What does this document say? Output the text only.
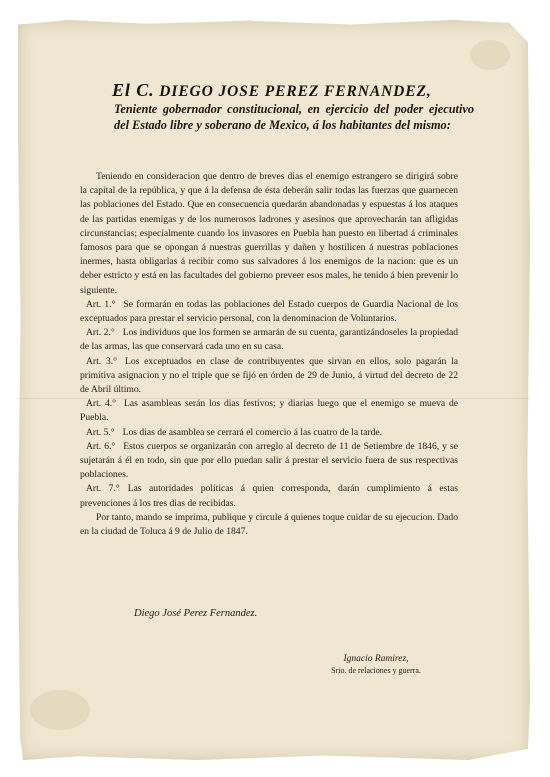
El C. DIEGO JOSE PEREZ FERNANDEZ,
Teniente gobernador constitucional, en ejercicio del poder ejecutivo del Estado libre y soberano de Mexico, á los habitantes del mismo:

Teniendo en consideracion que dentro de breves dias el enemigo estrangero se dirigirá sobre la capital de la república, y que á la defensa de ésta deberán salir todas las fuerzas que guarnecen las poblaciones del Estado. Que en consecuencia quedarán abandonadas y espuestas á los ataques de las partidas enemigas y de los numerosos ladrones y asesinos que aprovecharán tan afligidas circunstancias; especialmente cuando los invasores en Puebla han puesto en libertad á criminales famosos para que se opongan á nuestras guerrillas y dañen y hostilicen á nuestras poblaciones inermes, hasta obligarlas á recibir como sus salvadores á los enemigos de la nacion: que es un deber estricto y está en las facultades del gobierno preveer esos males, he tenido á bien prevenir lo siguiente.

Art. 1.° Se formarán en todas las poblaciones del Estado cuerpos de Guardia Nacional de los exceptuados para prestar el servicio personal, con la denominacion de Voluntarios.

Art. 2.° Los individuos que los formen se armarán de su cuenta, garantizándoseles la propiedad de las armas, las que conservará cada uno en su casa.

Art. 3.° Los exceptuados en clase de contribuyentes que sirvan en ellos, solo pagarán la primitiva asignacion y no el triple que se fijó en órden de 29 de Junio, á virtud del decreto de 22 de Abril último.

Art. 4.° Las asambleas serán los dias festivos; y diarias luego que el enemigo se mueva de Puebla.

Art. 5.° Los dias de asamblea se cerrará el comercio á las cuatro de la tarde.

Art. 6.° Estos cuerpos se organizarán con arreglo al decreto de 11 de Setiembre de 1846, y se sujetarán á él en todo, sin que por ello puedan salir á prestar el servicio fuera de sus respectivas poblaciones.

Art. 7.° Las autoridades políticas á quien corresponda, darán cumplimiento á estas prevenciones á los tres dias de recibidas.

Por tanto, mando se imprima, publique y circule á quienes toque cuidar de su ejecucion. Dado en la ciudad de Toluca á 9 de Julio de 1847.

Diego José Perez Fernandez.
Ignacio Ramirez,
Srio. de relaciones y guerra.
